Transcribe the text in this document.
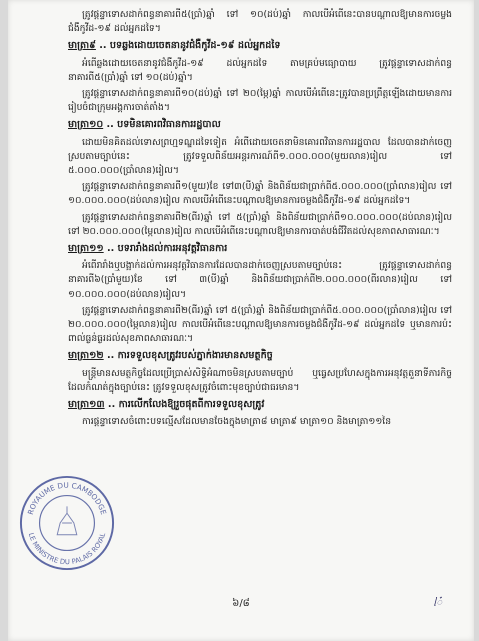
ROYAUME DU CAMBODGE
LE MINISTRE DU PALAIS ROYAL

ត្រូវផ្តន្ទាទោសដាក់ពន្ធនាគារពី៥(ប្រាំ)ឆ្នាំ ទៅ ១០(ដប់)ឆ្នាំ កាលបើអំពើនេះបានបណ្តាលឱ្យមានការចម្លងជំងឺកូវីដ-១៩ ដល់អ្នកដទៃ។

មាត្រា៩ .. បទឆ្លងដោយចេតនានូវជំងឺកូវីដ-១៩ ដល់អ្នកដទៃ

អំពើឆ្លងដោយចេតនានូវជំងឺកូវីដ-១៩ ដល់អ្នកដទៃ តាមគ្រប់មធ្យោបាយ ត្រូវផ្តន្ទាទោសដាក់ពន្ធនាគារពី៥(ប្រាំ)ឆ្នាំ ទៅ ១០(ដប់)ឆ្នាំ។

ត្រូវផ្តន្ទាទោសដាក់ពន្ធនាគារពី១០(ដប់)ឆ្នាំ ទៅ ២០(ម្ភៃ)ឆ្នាំ កាលបើអំពើនេះត្រូវបានប្រព្រឹត្តឡើងដោយមានការរៀបចំជាក្រុមអង្គការចាត់តាំង។

មាត្រា១០ .. បទមិនគោរពវិធានការរដ្ឋបាល

ដោយមិនគិតដល់ទោសព្រហ្មទណ្ឌដទៃទៀត អំពើដោយចេតនាមិនគោរពវិធានការរដ្ឋបាល ដែលបានដាក់ចេញស្របតាមច្បាប់នេះ ត្រូវទទួលពិន័យអន្តរការណ៍ពី១.០០០.០០០(មួយលាន)រៀល ទៅ ៥.០០០.០០០(ប្រាំលាន)រៀល។

ត្រូវផ្តន្ទាទោសដាក់ពន្ធនាគារពី១(មួយ)ខែ ទៅ៣(បី)ឆ្នាំ និងពិន័យជាប្រាក់ពី៥.០០០.០០០(ប្រាំលាន)រៀល ទៅ ១០.០០០.០០០(ដប់លាន)រៀល កាលបើអំពើនេះបណ្តាលឱ្យមានការចម្លងជំងឺកូវីដ-១៩ ដល់អ្នកដទៃ។

ត្រូវផ្តន្ទាទោសដាក់ពន្ធនាគារពី២(ពីរ)ឆ្នាំ ទៅ ៥(ប្រាំ)ឆ្នាំ និងពិន័យជាប្រាក់ពី១០.០០០.០០០(ដប់លាន)រៀល ទៅ ២០.០០០.០០០(ម្ភៃលាន)រៀល កាលបើអំពើនេះបណ្តាលឱ្យមានការបាត់បង់ជីវិតដល់សុខភាពសាធារណៈ។

មាត្រា១១ .. បទរារាំងដល់ការអនុវត្តវិធានការ

អំពើរារាំងឬបង្អាក់ដល់ការអនុវត្តវិធានការដែលបានដាក់ចេញស្របតាមច្បាប់នេះ ត្រូវផ្តន្ទាទោសដាក់ពន្ធនាគារពី៦(ប្រាំមួយ)ខែ ទៅ ៣(បី)ឆ្នាំ និងពិន័យជាប្រាក់ពី២.០០០.០០០(ពីរលាន)រៀល ទៅ ១០.០០០.០០០(ដប់លាន)រៀល។

ត្រូវផ្តន្ទាទោសដាក់ពន្ធនាគារពី២(ពីរ)ឆ្នាំ ទៅ ៥(ប្រាំ)ឆ្នាំ និងពិន័យជាប្រាក់ពី៥.០០០.០០០(ប្រាំលាន)រៀល ទៅ ២០.០០០.០០០(ម្ភៃលាន)រៀល កាលបើអំពើនេះបណ្តាលឱ្យមានការចម្លងជំងឺកូវីដ-១៩ ដល់អ្នកដទៃ ឬមានការប៉ះពាល់ធ្ងន់ធ្ងរដល់សុខភាពសាធារណៈ។

មាត្រា១២ .. ការទទួលខុសត្រូវរបស់ភ្នាក់ងារមានសមត្ថកិច្ច

មន្ត្រីមានសមត្ថកិច្ចដែលប្រើប្រាស់សិទ្ធិអំណាចមិនស្របតាមច្បាប់ ឬធ្វេសប្រហែសក្នុងការអនុវត្តតួនាទីភារកិច្ចដែលកំណត់ក្នុងច្បាប់នេះ ត្រូវទទួលខុសត្រូវចំពោះមុខច្បាប់ជាធរមាន។

មាត្រា១៣ .. ការលើកលែងឱ្យរួចផុតពីការទទួលខុសត្រូវ

ការផ្តន្ទាទោសចំពោះបទល្មើសដែលមានចែងក្នុងមាត្រា៨ មាត្រា៩ មាត្រា១០ និងមាត្រា១១នៃ

៦/៨	ᥣ៎
